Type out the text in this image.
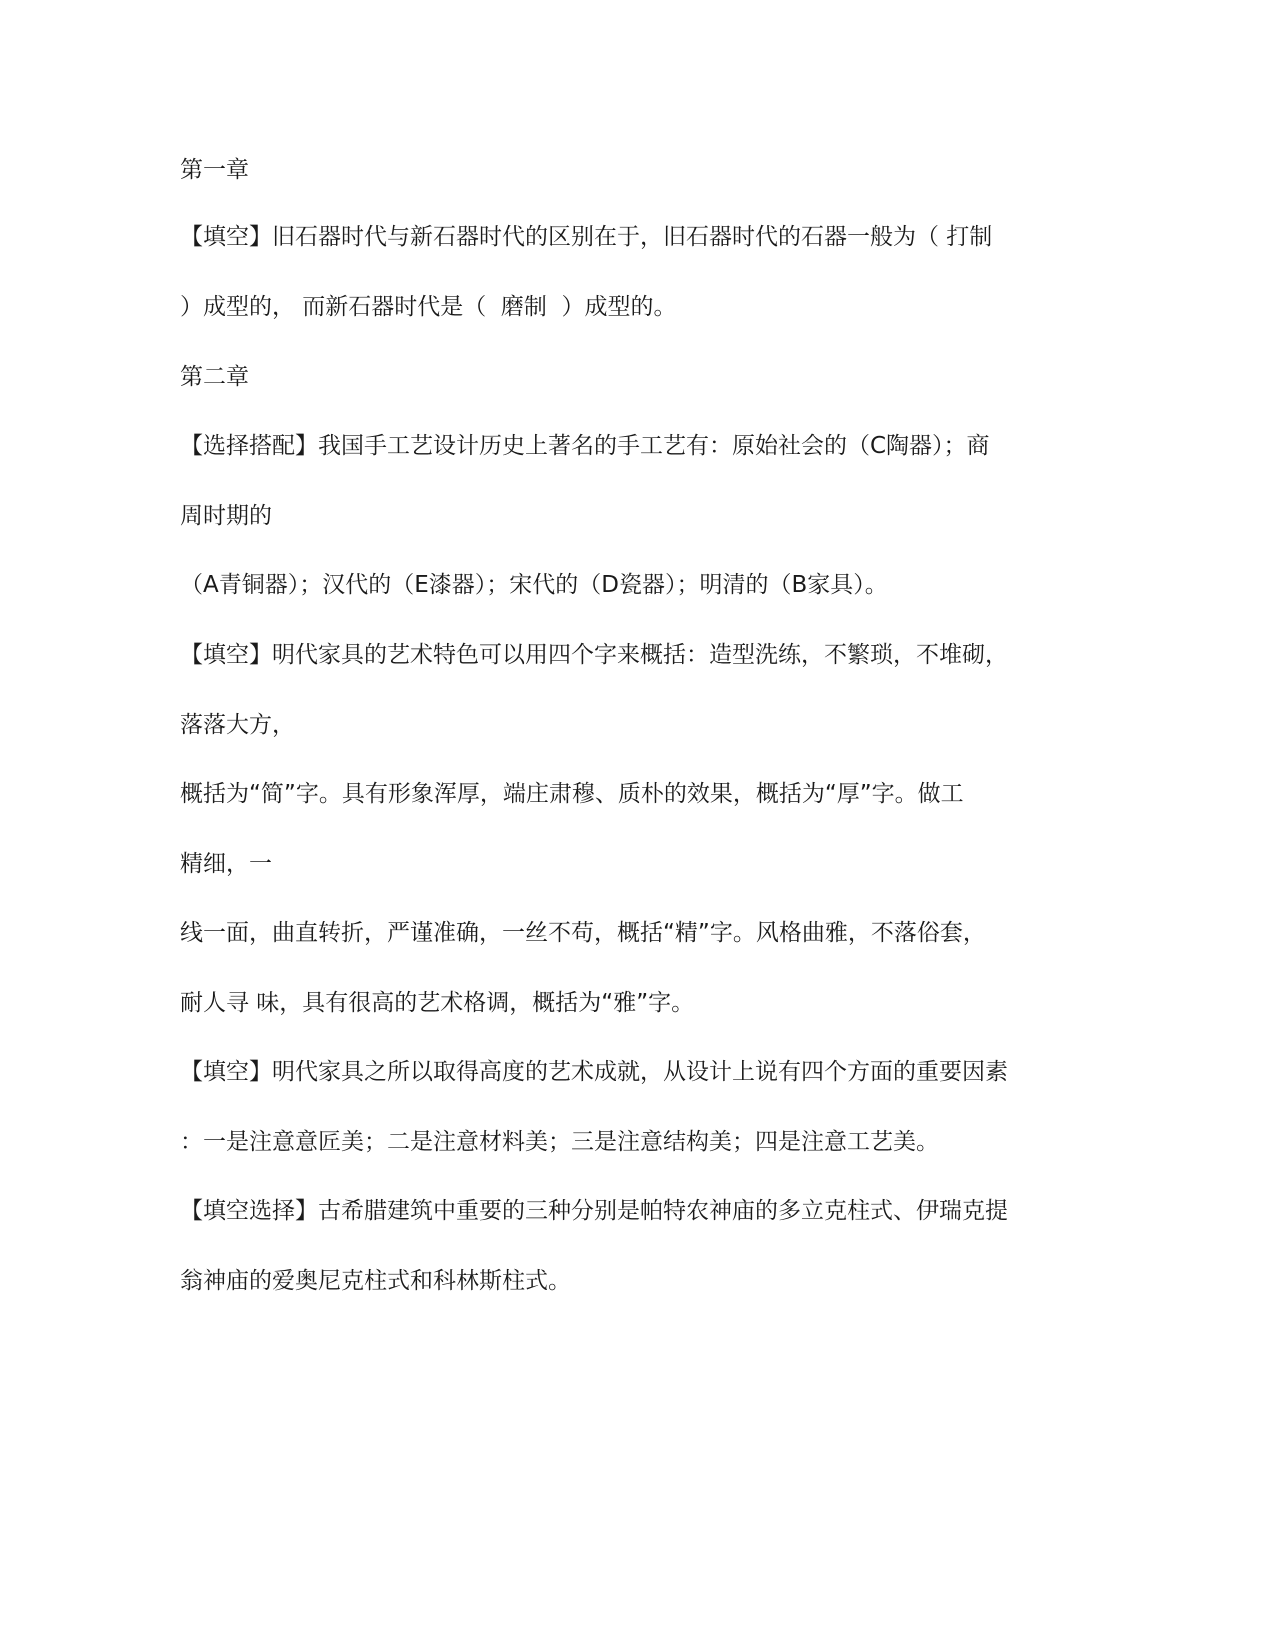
第一章
【填空】旧石器时代与新石器时代的区别在于，旧石器时代的石器一般为（ 打制
）成型的， 而新石器时代是（  磨制  ）成型的。
第二章
【选择搭配】我国手工艺设计历史上著名的手工艺有：原始社会的（C陶器）；商
周时期的
（A青铜器）；汉代的（E漆器）；宋代的（D瓷器）；明清的（B家具）。
【填空】明代家具的艺术特色可以用四个字来概括：造型洗练，不繁琐，不堆砌，
落落大方，
概括为“简”字。具有形象浑厚，端庄肃穆、质朴的效果，概括为“厚”字。做工
精细，一
线一面，曲直转折，严谨准确，一丝不苟，概括“精”字。风格曲雅，不落俗套，
耐人寻 味，具有很高的艺术格调，概括为“雅”字。
【填空】明代家具之所以取得高度的艺术成就，从设计上说有四个方面的重要因素
：一是注意意匠美；二是注意材料美；三是注意结构美；四是注意工艺美。
【填空选择】古希腊建筑中重要的三种分别是帕特农神庙的多立克柱式、伊瑞克提
翁神庙的爱奥尼克柱式和科林斯柱式。
